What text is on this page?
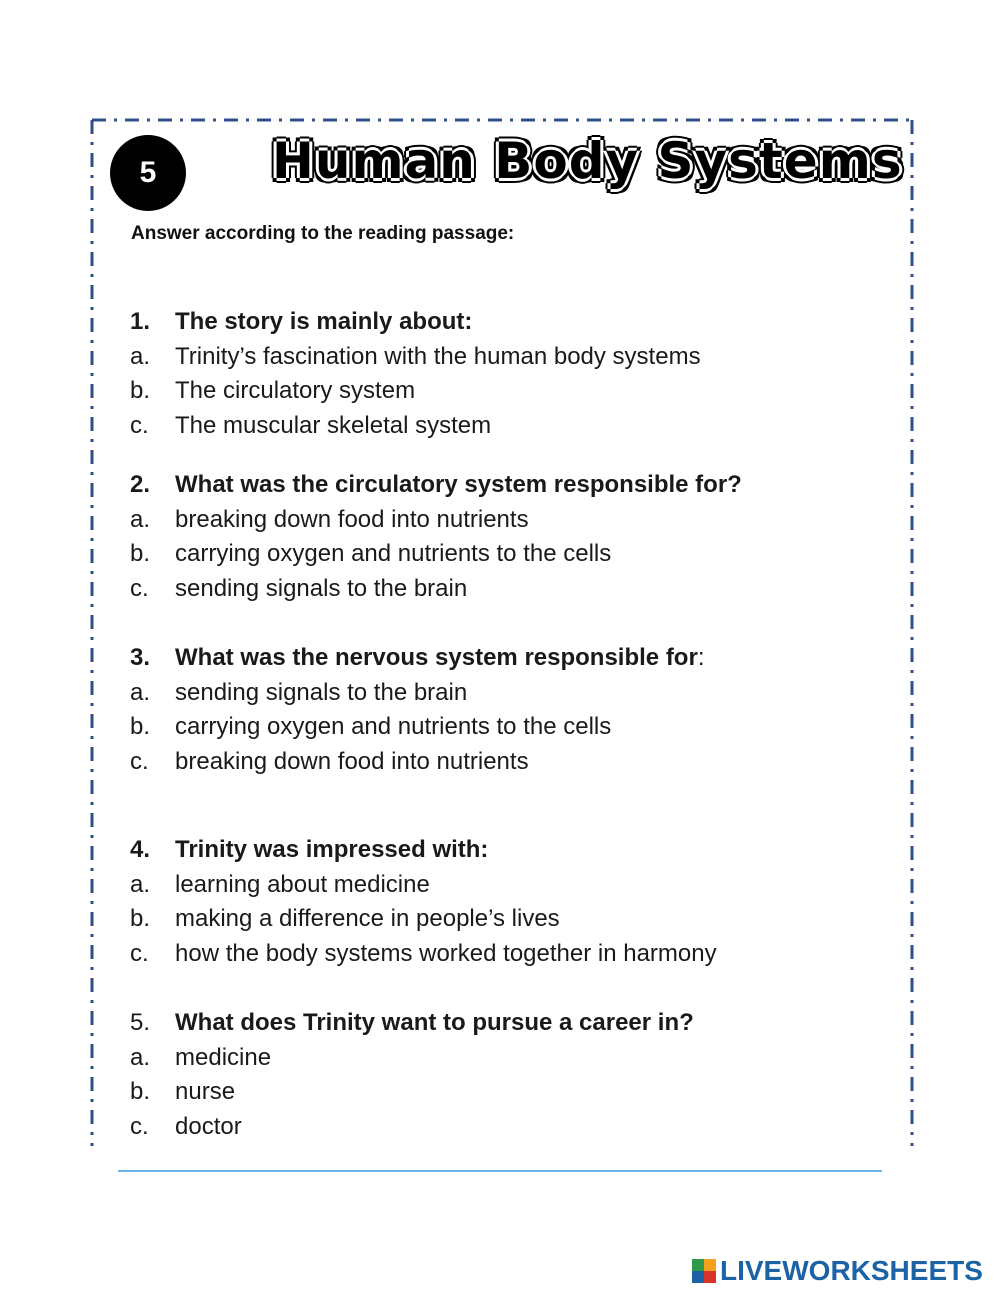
5 Human Body Systems
Answer according to the reading passage:
1.	The story is mainly about:
a.	Trinity’s fascination with the human body systems
b.	The circulatory system
c.	The muscular skeletal system
2.	What was the circulatory system responsible for?
a.	breaking down food into nutrients
b.	carrying oxygen and nutrients to the cells
c.	sending signals to the brain
3.	What was the nervous system responsible for :
a.	sending signals to the brain
b.	carrying oxygen and nutrients to the cells
c.	breaking down food into nutrients
4.	Trinity was impressed with:
a.	learning about medicine
b.	making a difference in people’s lives
c.	how the body systems worked together in harmony
5.	What does Trinity want to pursue a career in?
a.	medicine
b.	nurse
c.	doctor
LIVEWORKSHEETS
